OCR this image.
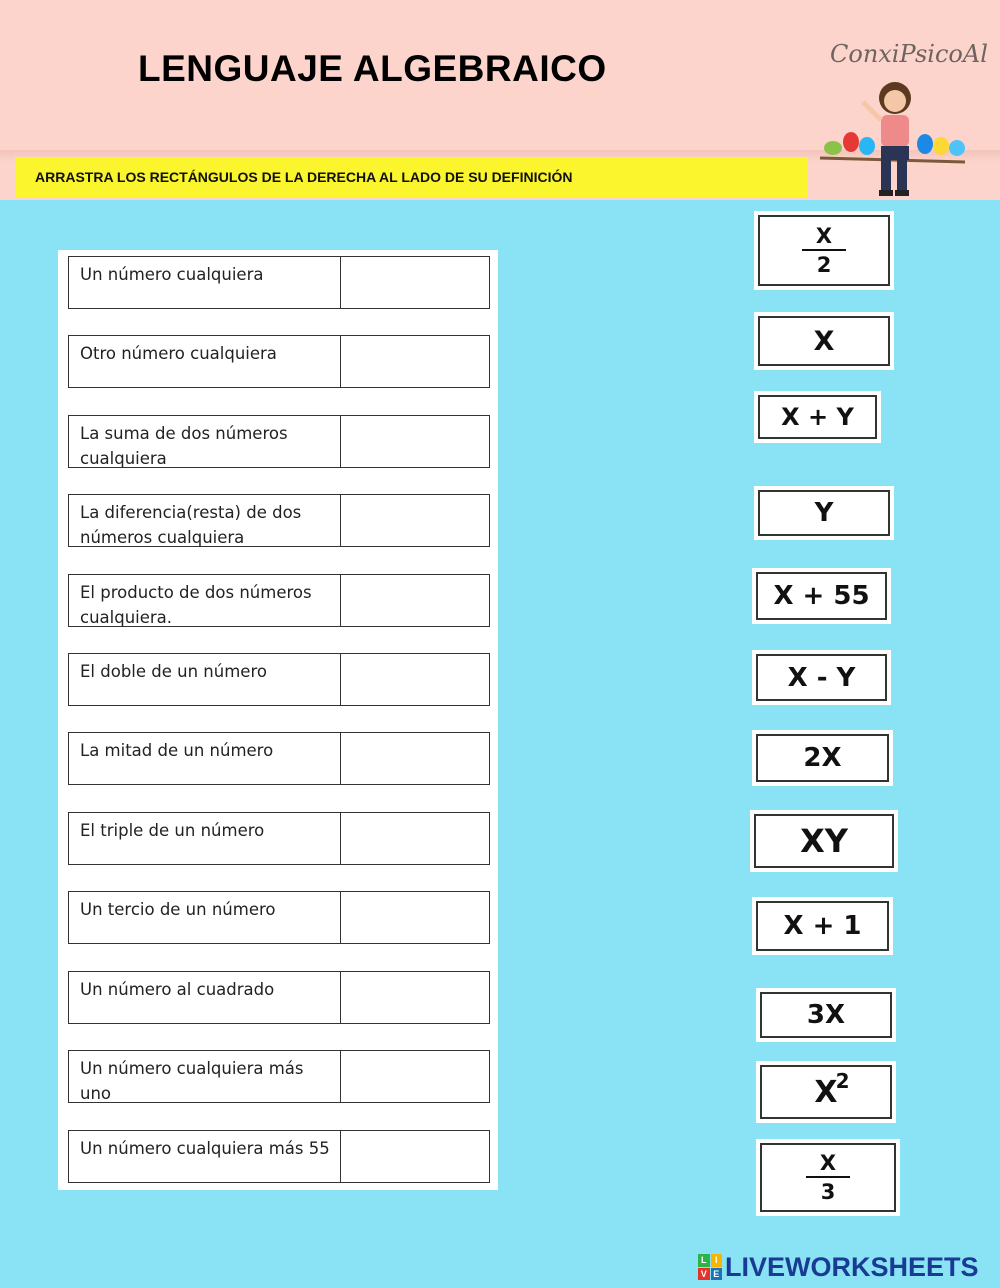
LENGUAJE ALGEBRAICO	ConxiPsicoAl
ARRASTRA LOS RECTÁNGULOS DE LA DERECHA AL LADO DE SU DEFINICIÓN
Un número cualquiera
Otro número cualquiera
La suma de dos números cualquiera
La diferencia(resta) de dos números cualquiera
El producto de dos números cualquiera.
El doble de un número
La mitad de un número
El triple de un número
Un tercio de un número
Un número al cuadrado
Un número cualquiera más uno
Un número cualquiera más 55
$\frac{X}{2}$
X
X + Y
Y
X + 55
X - Y
2X
XY
X + 1
3X
X
2
$\frac{X}{3}$
L I
V E LIVEWORKSHEETS
